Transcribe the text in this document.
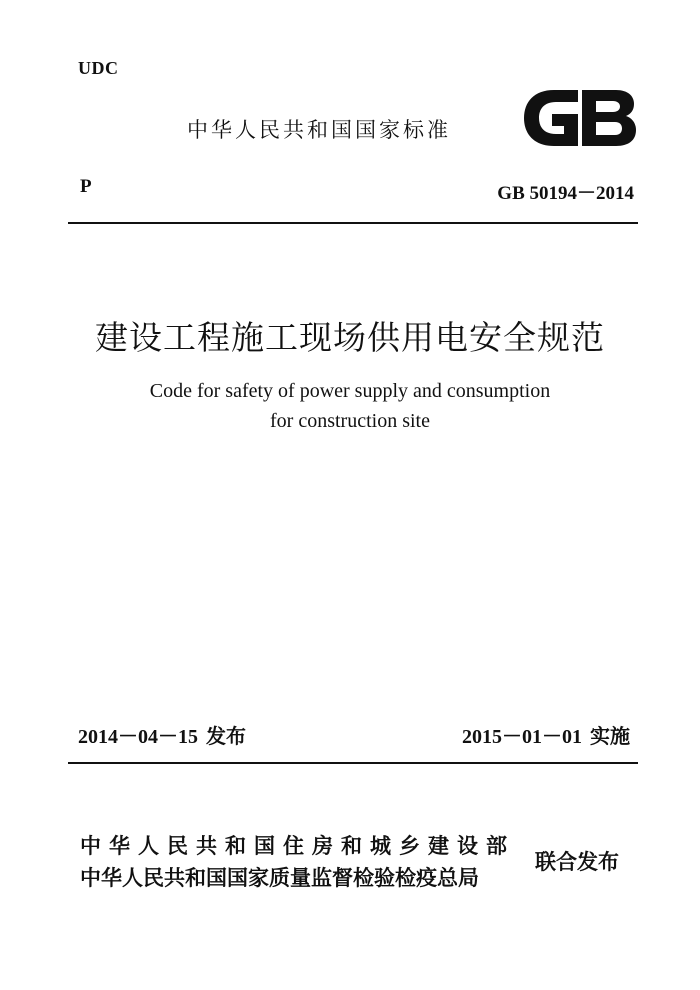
UDC
中华人民共和国国家标准
P	GB 50194－2014
建设工程施工现场供用电安全规范
Code for safety of power supply and consumption
for construction site
2014－04－15 发布	2015－01－01 实施
中华人民共和国住房和城乡建设部
中华人民共和国国家质量监督检验检疫总局
联合发布
